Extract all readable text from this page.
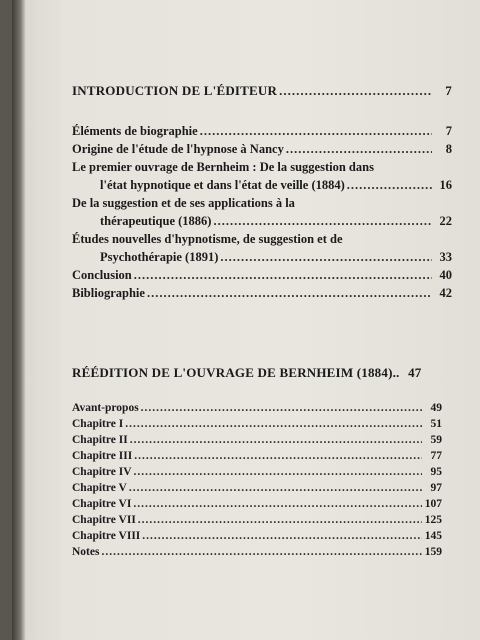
INTRODUCTION DE L'ÉDITEUR .....	7
Éléments de biographie .....	7
Origine de l'étude de l'hypnose à Nancy .....	8
Le premier ouvrage de Bernheim : De la suggestion dans
l'état hypnotique et dans l'état de veille (1884) .....	16
De la suggestion et de ses applications à la
thérapeutique (1886) .....	22
Études nouvelles d'hypnotisme, de suggestion et de
Psychothérapie (1891) .....	33
Conclusion .....	40
Bibliographie .....	42
RÉÉDITION DE L'OUVRAGE DE BERNHEIM (1884).. 47
Avant-propos .....	49
Chapitre I .....	51
Chapitre II .....	59
Chapitre III .....	77
Chapitre IV .....	95
Chapitre V .....	97
Chapitre VI .....	107
Chapitre VII .....	125
Chapitre VIII .....	145
Notes .....	159
